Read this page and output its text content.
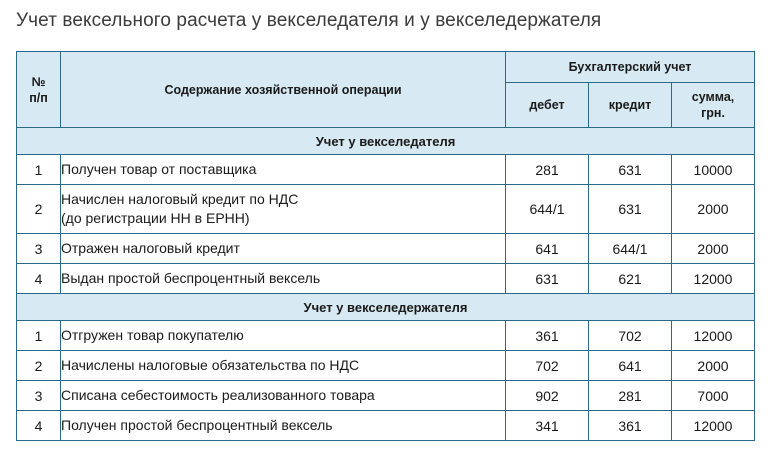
Учет вексельного расчета у векселедателя и у векселедержателя
№
п/п	Содержание хозяйственной операции	Бухгалтерский учет		
		дебет	кредит	сумма,
грн.

Учет у векселедателя				
1	Получен товар от поставщика	281	631	10000
2	Начислен налоговый кредит по НДС
(до регистрации НН в ЕРНН)	644/1	631	2000
3	Отражен налоговый кредит	641	644/1	2000
4	Выдан простой беспроцентный вексель	631	621	12000
Учет у векселедержателя				
1	Отгружен товар покупателю	361	702	12000
2	Начислены налоговые обязательства по НДС	702	641	2000
3	Списана себестоимость реализованного товара	902	281	7000
4	Получен простой беспроцентный вексель	341	361	12000
